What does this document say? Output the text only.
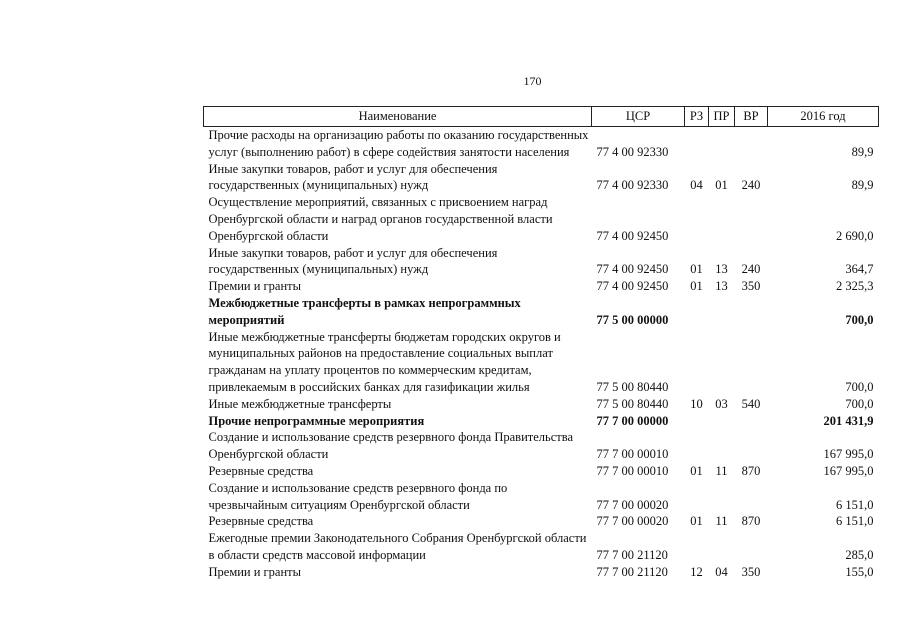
170
Наименование	ЦСР	РЗ	ПР	ВР	2016 год
Прочие расходы на организацию работы по оказанию государственных услуг (выполнению работ) в сфере содействия занятости населения	77 4 00 92330				89,9
Иные закупки товаров, работ и услуг для обеспечения государственных (муниципальных) нужд	77 4 00 92330	04	01	240	89,9
Осуществление мероприятий, связанных с присвоением наград Оренбургской области и наград органов государственной власти Оренбургской области	77 4 00 92450				2 690,0
Иные закупки товаров, работ и услуг для обеспечения государственных (муниципальных) нужд	77 4 00 92450	01	13	240	364,7
Премии и гранты	77 4 00 92450	01	13	350	2 325,3
Межбюджетные трансферты в рамках непрограммных мероприятий	77 5 00 00000				700,0
Иные межбюджетные трансферты бюджетам городских округов и муниципальных районов на предоставление социальных выплат гражданам на уплату процентов по коммерческим кредитам, привлекаемым в российских банках для газификации жилья	77 5 00 80440				700,0
Иные межбюджетные трансферты	77 5 00 80440	10	03	540	700,0
Прочие непрограммные мероприятия	77 7 00 00000				201 431,9
Создание и использование средств резервного фонда Правительства Оренбургской области	77 7 00 00010				167 995,0
Резервные средства	77 7 00 00010	01	11	870	167 995,0
Создание и использование средств резервного фонда по чрезвычайным ситуациям Оренбургской области	77 7 00 00020				6 151,0
Резервные средства	77 7 00 00020	01	11	870	6 151,0
Ежегодные премии Законодательного Собрания Оренбургской области в области средств массовой информации	77 7 00 21120				285,0
Премии и гранты	77 7 00 21120	12	04	350	155,0
